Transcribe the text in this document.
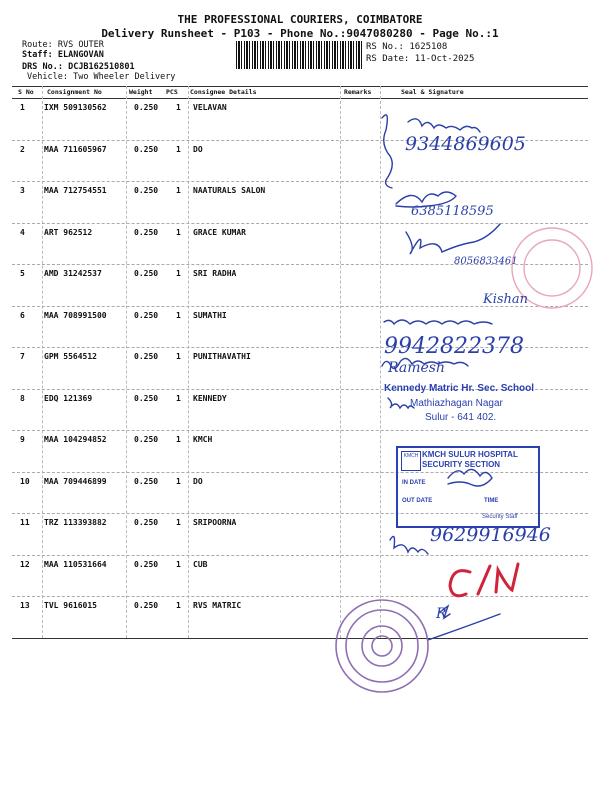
THE PROFESSIONAL COURIERS, COIMBATORE
Delivery Runsheet - P103 - Phone No.:9047080280 - Page No.:1
Route: RVS OUTER
Staff: ELANGOVAN
DRS No.: DCJB162510801
Vehicle: Two Wheeler Delivery
RS No.: 1625108
RS Date: 11-Oct-2025
S No Consignment No	Weight PCS Consignee Details	Remarks	Seal & Signature
1 IXM 509130562	0.250 1 VELAVAN
2 MAA 711605967	0.250 1 DO
3 MAA 712754551	0.250 1 NAATURALS SALON
4 ART 962512	0.250 1 GRACE KUMAR
5 AMD 31242537	0.250 1 SRI RADHA
6 MAA 708991500	0.250 1 SUMATHI
7 GPM 5564512	0.250 1 PUNITHAVATHI
8 EDQ 121369	0.250 1 KENNEDY
9 MAA 104294852	0.250 1 KMCH
10 MAA 709446899	0.250 1 DO
11 TRZ 113393882	0.250 1 SRIPOORNA
12 MAA 110531664	0.250 1 CUB
13 TVL 9616015	0.250 1 RVS MATRIC
9344869605
6385118595
8056833461
Kishan
9942822378
Ramesh
9629916946
R
Kennedy Matric Hr. Sec. School
Mathiazhagan Nagar
Sulur - 641 402.
KMCH KMCH SULUR HOSPITAL
SECURITY SECTION
IN DATE
OUT DATE	TIME
Security Staff
